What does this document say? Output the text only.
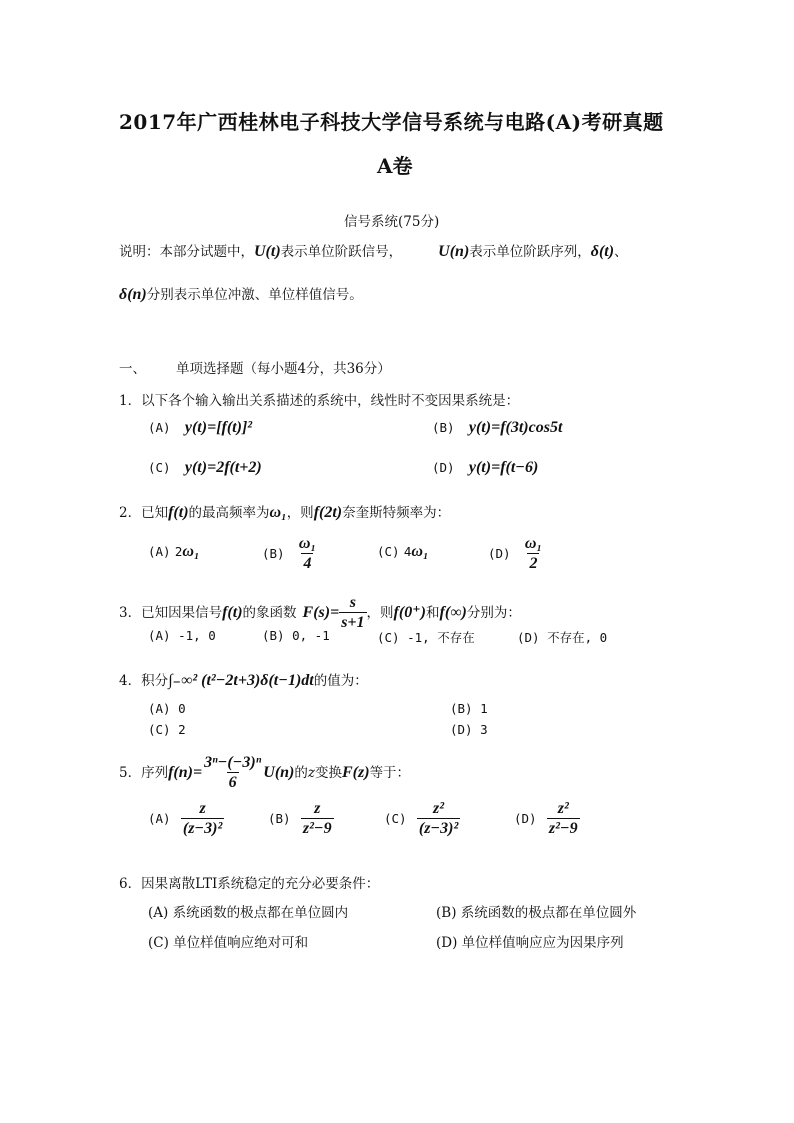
2017年广西桂林电子科技大学信号系统与电路(A)考研真题
A卷
信号系统(75分)
说明：本部分试题中，U(t)表示单位阶跃信号， U(n)表示单位阶跃序列，δ(t)、
δ(n)分别表示单位冲激、单位样值信号。
一、 单项选择题（每小题4分，共36分）
1．以下各个输入输出关系描述的系统中，线性时不变因果系统是：
(A) y(t)=[f(t)]²	(B) y(t)=f(3t)cos5t
(C) y(t)=2f(t+2)	(D) y(t)=f(t−6)
2．已知f(t)的最高频率为ω₁，则f(2t)奈奎斯特频率为：
(A) 2ω₁	$(B) \frac{\text{ω₁}}{4}$	(C) 4ω₁	$(D) \frac{\text{ω₁}}{2}$
3．已知因果信号f(t)的象函数 $F(s)= \frac{s}{s+1}$ ，则f(0⁺)和f(∞)分别为：
(A) -1, 0	(B) 0, -1	(C) -1, 不存在	(D) 不存在, 0
4．积分∫₋∞² (t²−2t+3)δ(t−1)dt的值为：
(A) 0	(B) 1
(C) 2	(D) 3
5．序列$f(n)= \frac{\text{3ⁿ−(−3)ⁿ}}{6} U(n)$的z变换F(z)等于：
$(A) \frac{z}{\text{(z−3)²}}$	$(B) \frac{z}{\text{z²−9}}$	$(C) \frac{\text{z²}}{\text{(z−3)²}}$	$(D) \frac{\text{z²}}{\text{z²−9}}$
6．因果离散LTI系统稳定的充分必要条件：
(A) 系统函数的极点都在单位圆内	(B) 系统函数的极点都在单位圆外
(C) 单位样值响应绝对可和	(D) 单位样值响应应为因果序列
